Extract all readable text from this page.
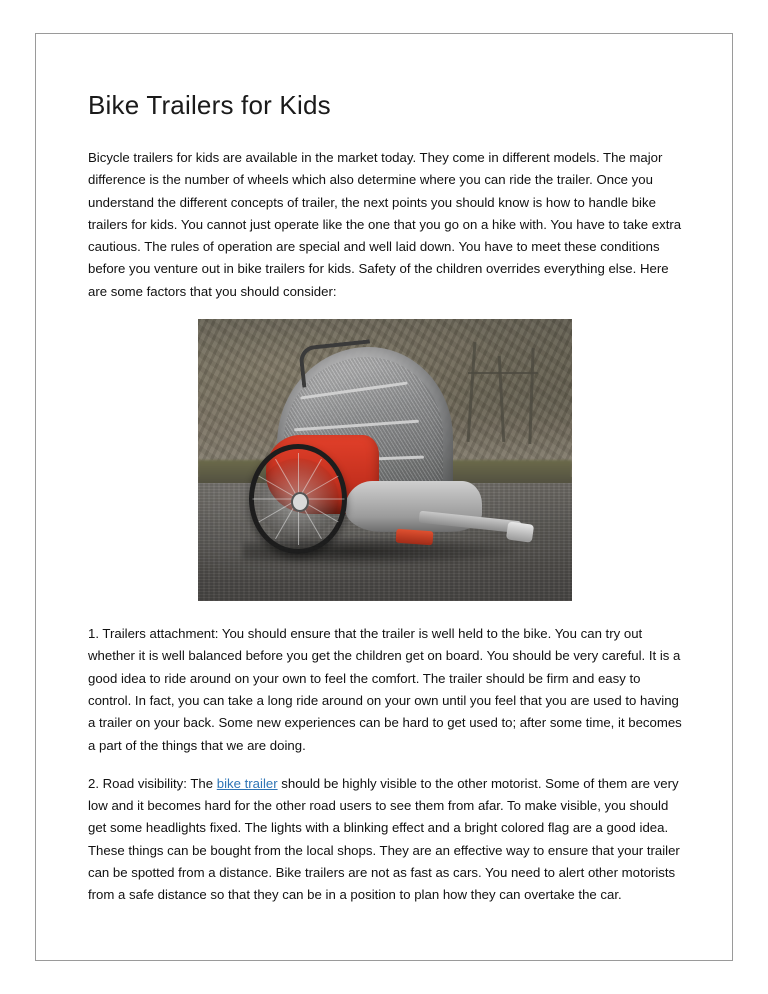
Bike Trailers for Kids

Bicycle trailers for kids are available in the market today. They come in different models. The major difference is the number of wheels which also determine where you can ride the trailer. Once you understand the different concepts of trailer, the next points you should know is how to handle bike trailers for kids. You cannot just operate like the one that you go on a hike with. You have to take extra cautious. The rules of operation are special and well laid down. You have to meet these conditions before you venture out in bike trailers for kids. Safety of the children overrides everything else. Here are some factors that you should consider:

1. Trailers attachment: You should ensure that the trailer is well held to the bike. You can try out whether it is well balanced before you get the children get on board. You should be very careful. It is a good idea to ride around on your own to feel the comfort. The trailer should be firm and easy to control. In fact, you can take a long ride around on your own until you feel that you are used to having a trailer on your back. Some new experiences can be hard to get used to; after some time, it becomes a part of the things that we are doing.

2. Road visibility: The bike trailer should be highly visible to the other motorist. Some of them are very low and it becomes hard for the other road users to see them from afar. To make visible, you should get some headlights fixed. The lights with a blinking effect and a bright colored flag are a good idea. These things can be bought from the local shops. They are an effective way to ensure that your trailer can be spotted from a distance. Bike trailers are not as fast as cars. You need to alert other motorists from a safe distance so that they can be in a position to plan how they can overtake the car.
